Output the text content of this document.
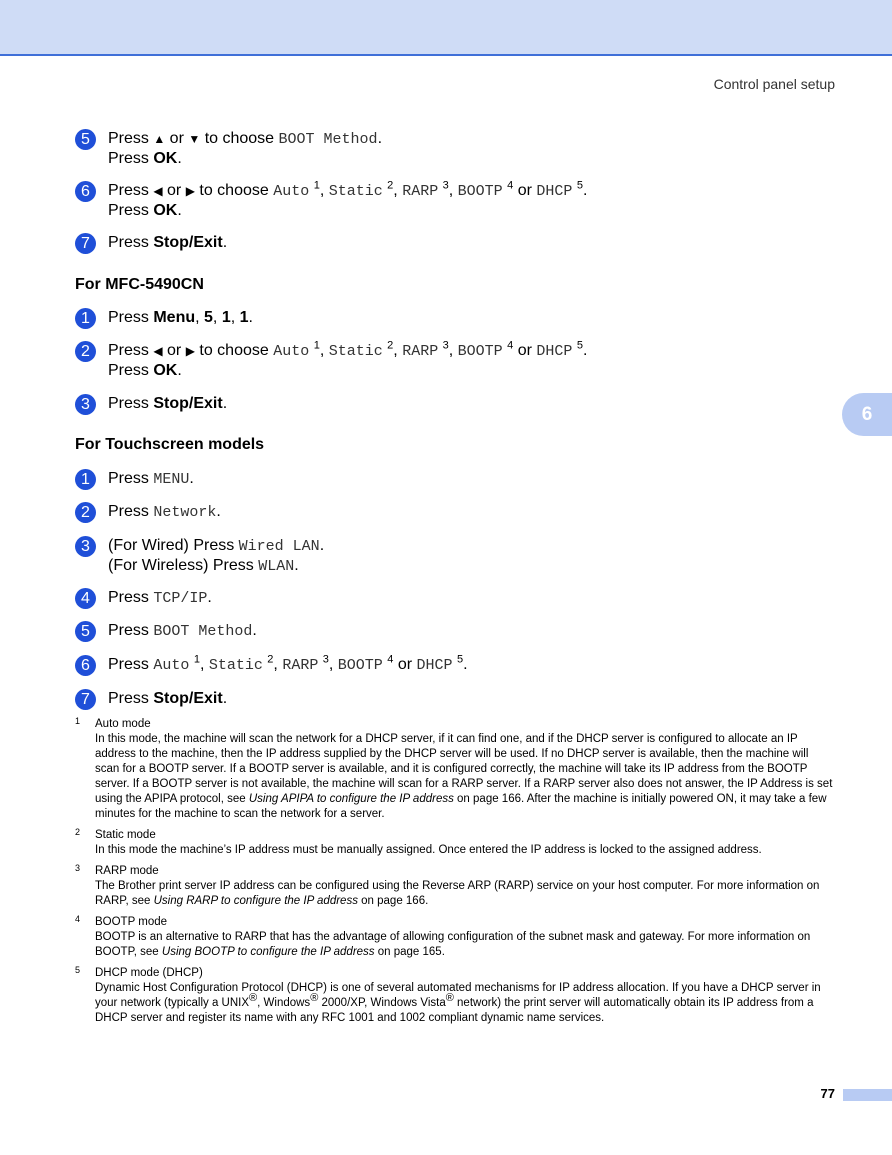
Control panel setup
5	Press ▲ or ▼ to choose BOOT Method.
Press OK.
6	Press ◀ or ▶ to choose Auto $^1$, Static $^2$, RARP $^3$, BOOTP $^4$ or DHCP $^5$.
Press OK.
7	Press Stop/Exit.
For MFC-5490CN
1	Press Menu, 5, 1, 1.
2	Press ◀ or ▶ to choose Auto $^1$, Static $^2$, RARP $^3$, BOOTP $^4$ or DHCP $^5$.
Press OK.
3	Press Stop/Exit.
6
For Touchscreen models
1	Press MENU.
2	Press Network.
3	(For Wired) Press Wired LAN.
(For Wireless) Press WLAN.
4	Press TCP/IP.
5	Press BOOT Method.
6	Press Auto $^1$, Static $^2$, RARP $^3$, BOOTP $^4$ or DHCP $^5$.
7	Press Stop/Exit.
1 Auto mode
In this mode, the machine will scan the network for a DHCP server, if it can find one, and if the DHCP server is configured to allocate an IP address to the machine, then the IP address supplied by the DHCP server will be used. If no DHCP server is available, then the machine will scan for a BOOTP server. If a BOOTP server is available, and it is configured correctly, the machine will take its IP address from the BOOTP server. If a BOOTP server is not available, the machine will scan for a RARP server. If a RARP server also does not answer, the IP Address is set using the APIPA protocol, see Using APIPA to configure the IP address on page 166. After the machine is initially powered ON, it may take a few minutes for the machine to scan the network for a server.
2 Static mode
In this mode the machine’s IP address must be manually assigned. Once entered the IP address is locked to the assigned address.
3 RARP mode
The Brother print server IP address can be configured using the Reverse ARP (RARP) service on your host computer. For more information on RARP, see Using RARP to configure the IP address on page 166.
4 BOOTP mode
BOOTP is an alternative to RARP that has the advantage of allowing configuration of the subnet mask and gateway. For more information on BOOTP, see Using BOOTP to configure the IP address on page 165.
5 DHCP mode (DHCP)
Dynamic Host Configuration Protocol (DHCP) is one of several automated mechanisms for IP address allocation. If you have a DHCP server in your network (typically a UNIX®, Windows® 2000/XP, Windows Vista® network) the print server will automatically obtain its IP address from a DHCP server and register its name with any RFC 1001 and 1002 compliant dynamic name services.
77
